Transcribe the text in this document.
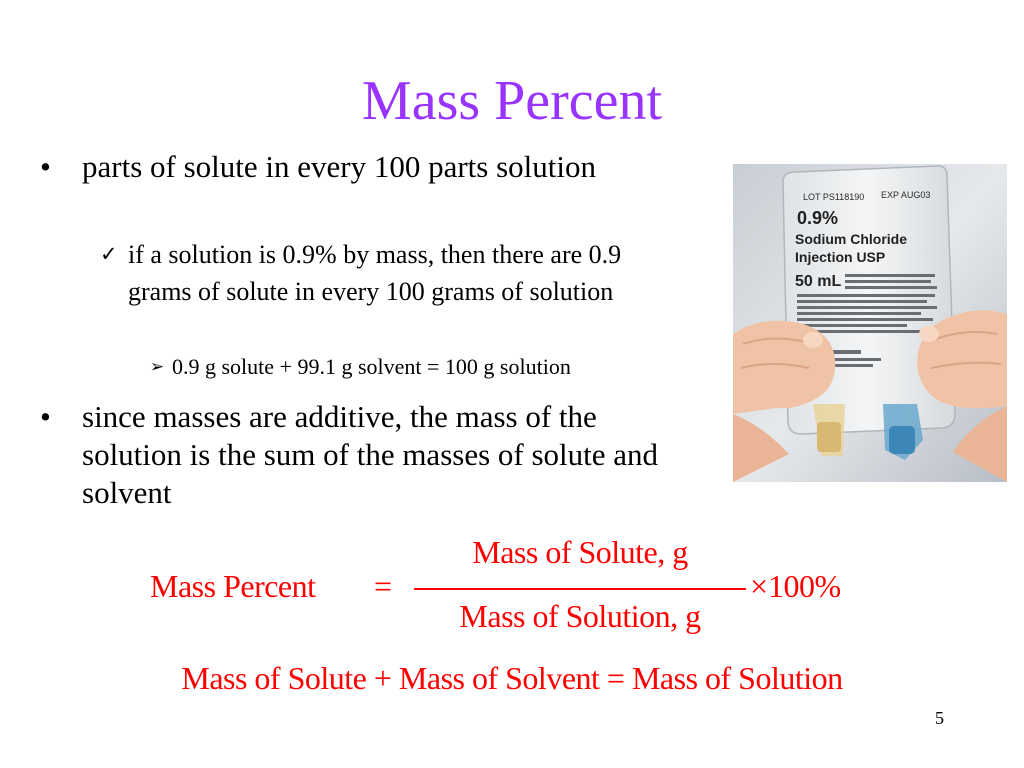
Mass Percent
• parts of solute in every 100 parts solution
✓ if a solution is 0.9% by mass, then there are 0.9 grams of solute in every 100 grams of solution
➢ 0.9 g solute + 99.1 g solvent = 100 g solution
• since masses are additive, the mass of the solution is the sum of the masses of solute and solvent
LOT PS118190 EXP AUG03
0.9%
Sodium Chloride
Injection USP
50 mL
Mass Percent =
Mass of Solute, g
Mass of Solution, g
× 100%
Mass of Solute + Mass of Solvent = Mass of Solution
5
